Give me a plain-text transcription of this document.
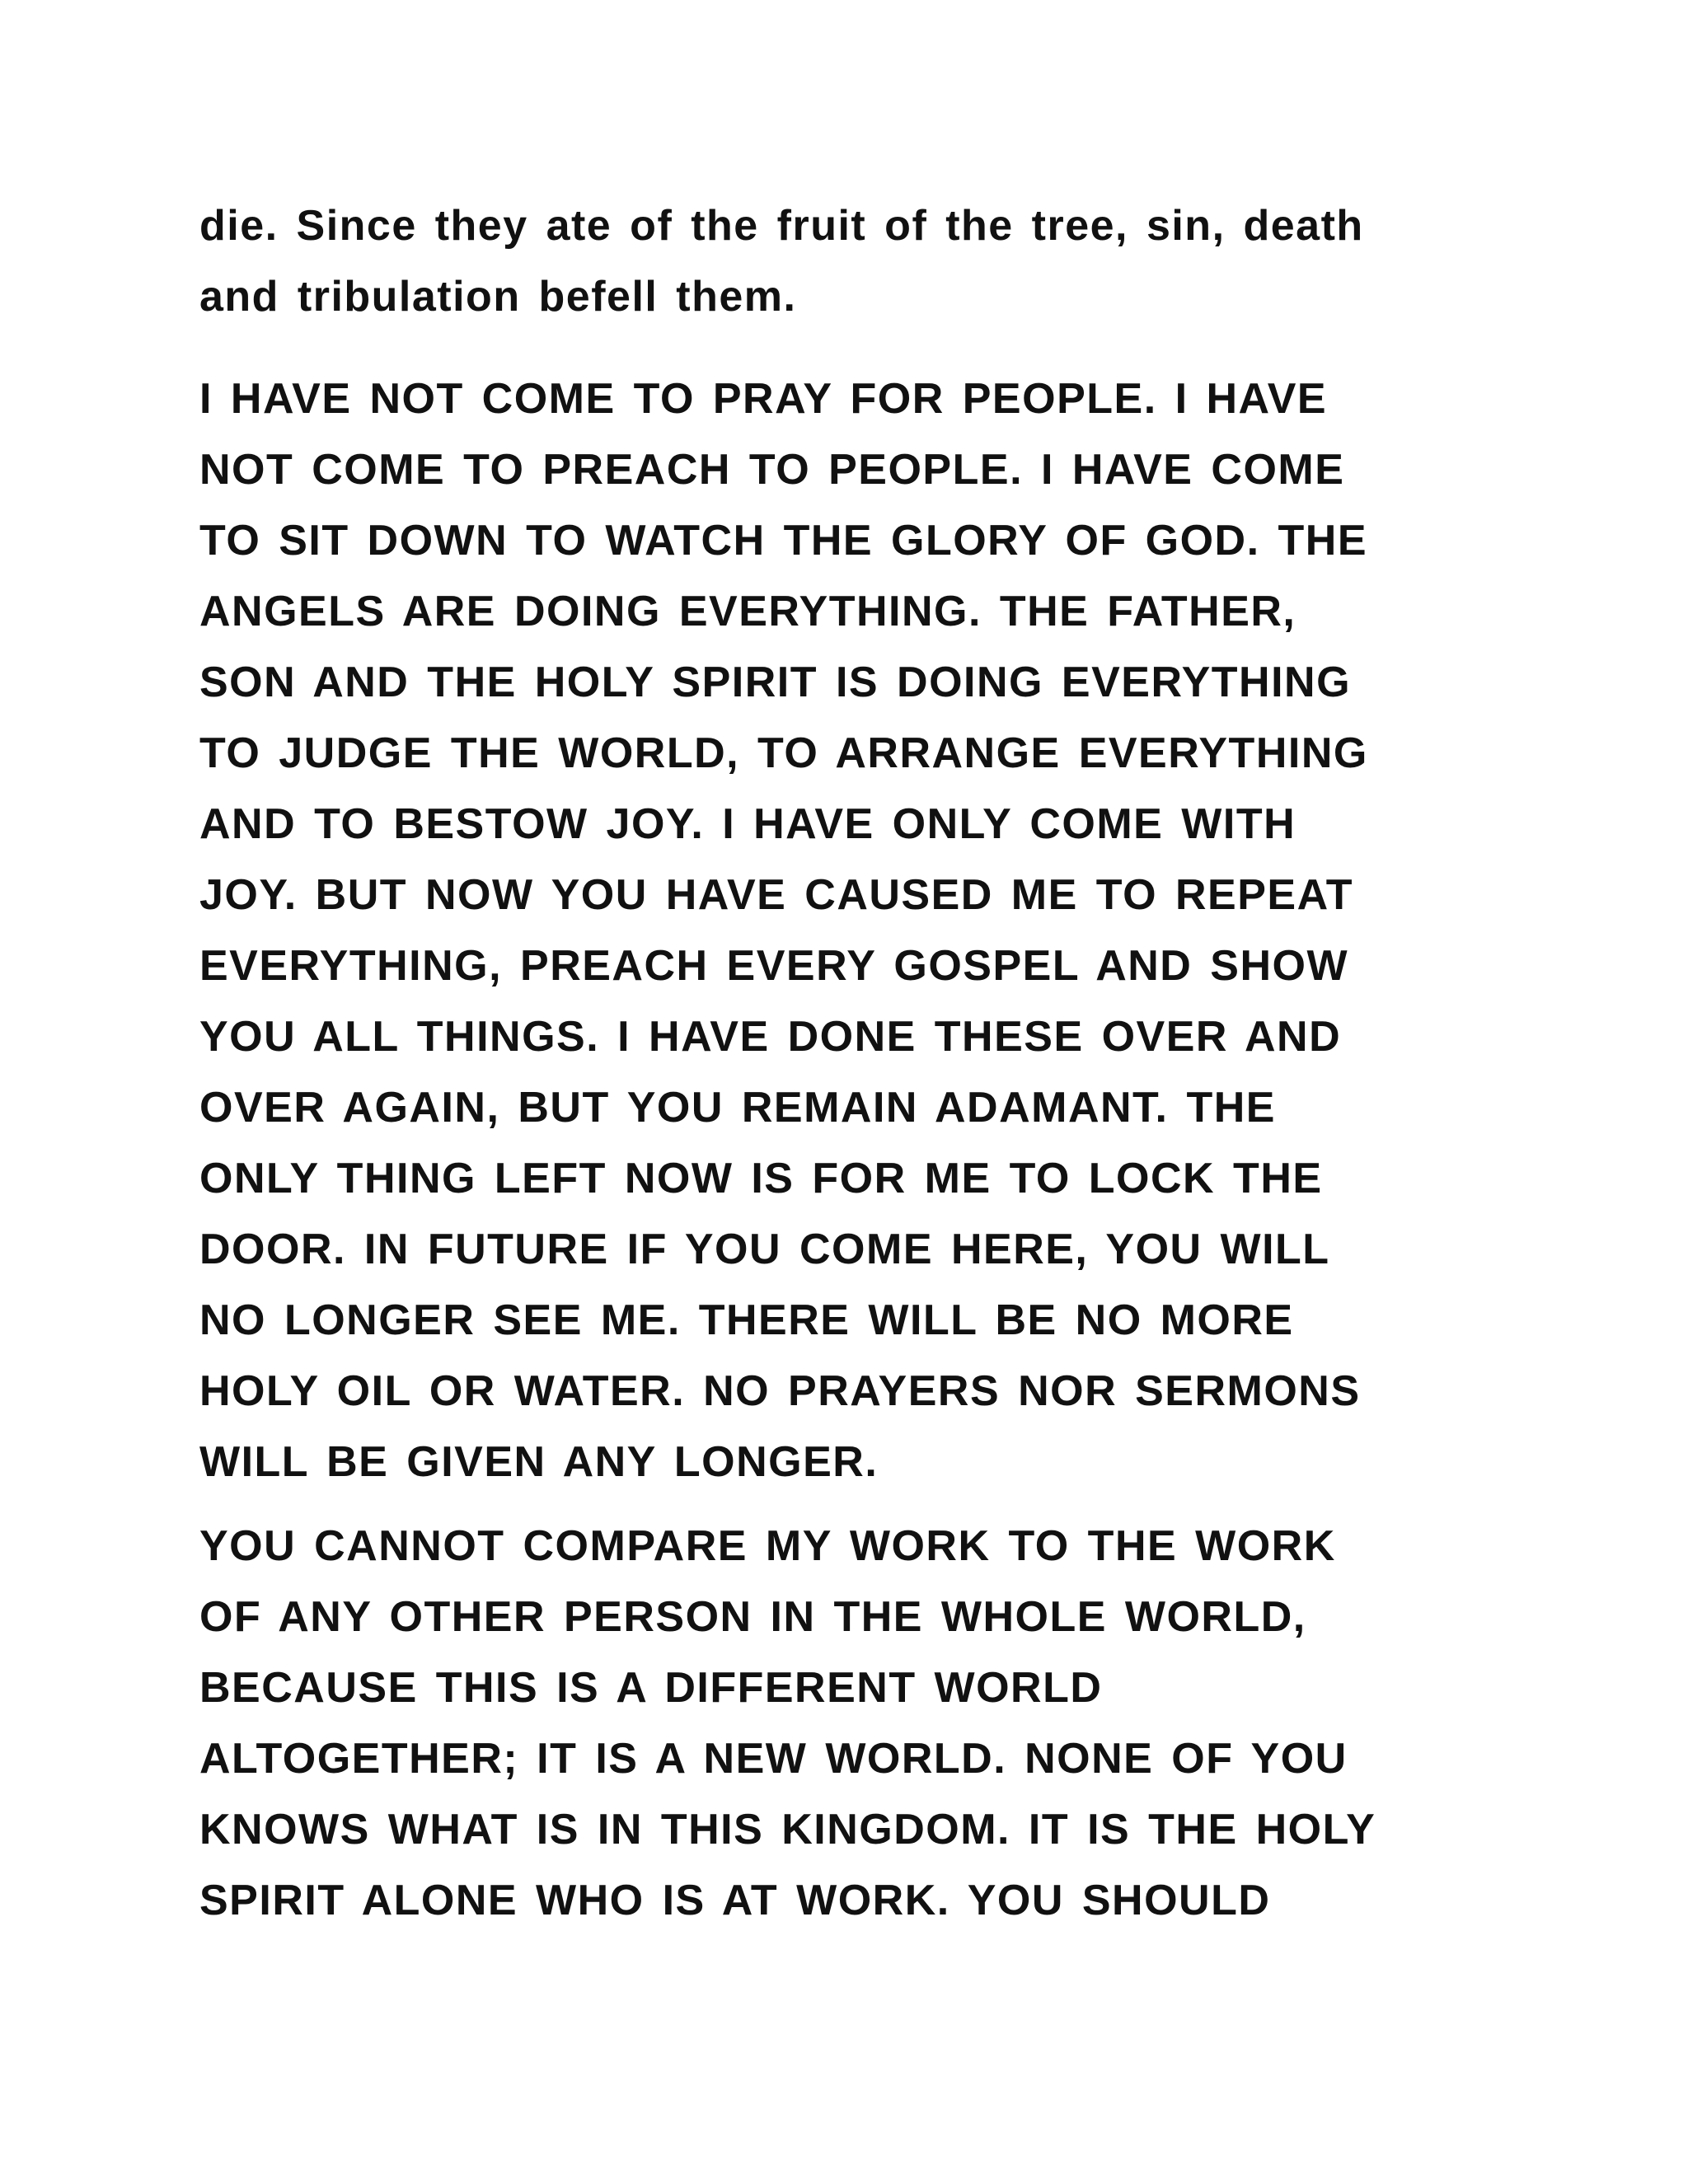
die. Since they ate of the fruit of the tree, sin, death
and tribulation befell them.
I HAVE NOT COME TO PRAY FOR PEOPLE. I HAVE
NOT COME TO PREACH TO PEOPLE. I HAVE COME
TO SIT DOWN TO WATCH THE GLORY OF GOD. THE
ANGELS ARE DOING EVERYTHING. THE FATHER,
SON AND THE HOLY SPIRIT IS DOING EVERYTHING
TO JUDGE THE WORLD, TO ARRANGE EVERYTHING
AND TO BESTOW JOY. I HAVE ONLY COME WITH
JOY. BUT NOW YOU HAVE CAUSED ME TO REPEAT
EVERYTHING, PREACH EVERY GOSPEL AND SHOW
YOU ALL THINGS. I HAVE DONE THESE OVER AND
OVER AGAIN, BUT YOU REMAIN ADAMANT. THE
ONLY THING LEFT NOW IS FOR ME TO LOCK THE
DOOR. IN FUTURE IF YOU COME HERE, YOU WILL
NO LONGER SEE ME. THERE WILL BE NO MORE
HOLY OIL OR WATER. NO PRAYERS NOR SERMONS
WILL BE GIVEN ANY LONGER.
YOU CANNOT COMPARE MY WORK TO THE WORK
OF ANY OTHER PERSON IN THE WHOLE WORLD,
BECAUSE THIS IS A DIFFERENT WORLD
ALTOGETHER; IT IS A NEW WORLD. NONE OF YOU
KNOWS WHAT IS IN THIS KINGDOM. IT IS THE HOLY
SPIRIT ALONE WHO IS AT WORK. YOU SHOULD
